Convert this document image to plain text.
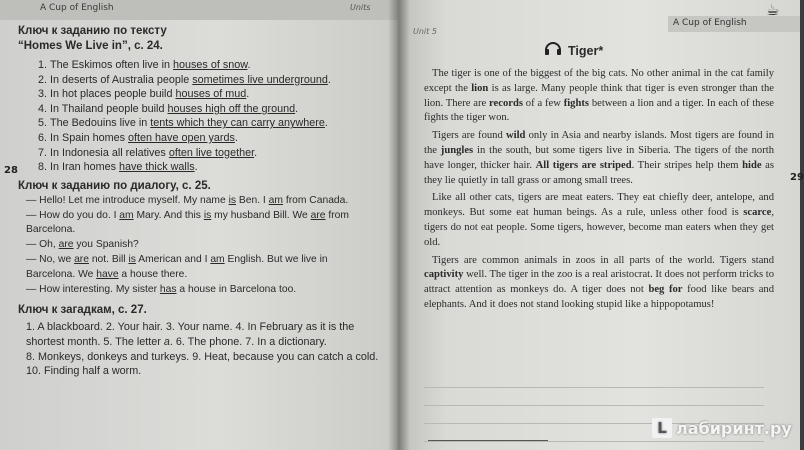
A Cup of English	Units
28

Ключ к заданию по тексту

“Homes We Live in”, с. 24.

1. The Eskimos often live in houses of snow.
2. In deserts of Australia people sometimes live underground.
3. In hot places people build houses of mud.
4. In Thailand people build houses high off the ground.
5. The Bedouins live in tents which they can carry anywhere.
6. In Spain homes often have open yards.
7. In Indonesia all relatives often live together.
8. In Iran homes have thick walls.

Ключ к заданию по диалогу, с. 25.

— Hello! Let me introduce myself. My name is Ben. I am from Canada.

— How do you do. I am Mary. And this is my husband Bill. We are from

Barcelona.

— Oh, are you Spanish?

— No, we are not. Bill is American and I am English. But we live in

Barcelona. We have a house there.

— How interesting. My sister has a house in Barcelona too.

Ключ к загадкам, с. 27.

1. A blackboard. 2. Your hair. 3. Your name. 4. In February as it is the
shortest month. 5. The letter a. 6. The phone. 7. In a dictionary.
8. Monkeys, donkeys and turkeys. 9. Heat, because you can catch a cold.
10. Finding half a worm.
Unit 5
A Cup of English
☕
29
Tiger*

The tiger is one of the biggest of the big cats. No other animal in the cat family except the lion is as large. Many people think that tiger is even stronger than the lion. There are records of a few fights between a lion and a tiger. In each of these fights the tiger won.

Tigers are found wild only in Asia and nearby islands. Most tigers are found in the jungles in the south, but some tigers live in Siberia. The tigers of the north have longer, thicker hair. All tigers are striped. Their stripes help them hide as they lie quietly in tall grass or among small trees.

Like all other cats, tigers are meat eaters. They eat chiefly deer, antelope, and monkeys. But some eat human beings. As a rule, unless other food is scarce, tigers do not eat people. Some tigers, however, become man eaters when they get old.

Tigers are common animals in zoos in all parts of the world. Tigers stand captivity well. The tiger in the zoo is a real aristocrat. It does not perform tricks to attract attention as monkeys do. A tiger does not beg for food like bears and elephants. And it does not stand looking stupid like a hippopotamus!

L лабиринт.ру
